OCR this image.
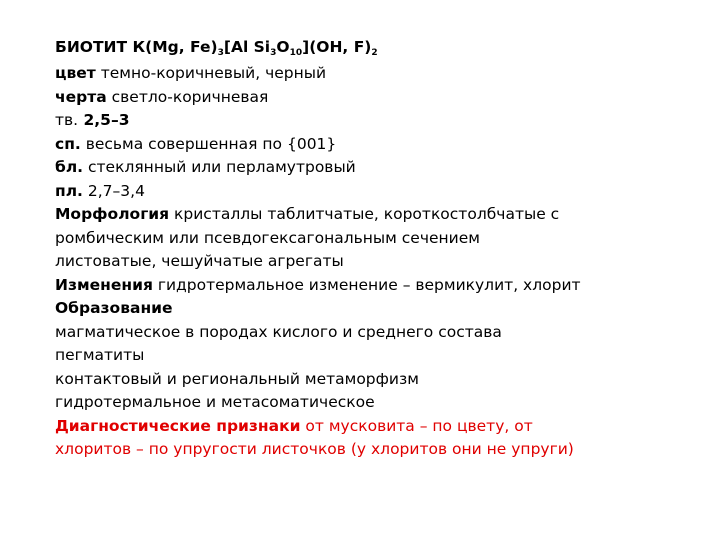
БИОТИТ К(Mg, $Fe)_3[Al$ $Si_3O_{10}](OH$, $F)_2$
цвет темно-коричневый, черный
черта светло-коричневая
тв. 2,5–3
сп. весьма совершенная по {001}
бл. стеклянный или перламутровый
пл. 2,7–3,4
Морфология кристаллы таблитчатые, короткостолбчатые с
ромбическим или псевдогексагональным сечением
листоватые, чешуйчатые агрегаты
Изменения гидротермальное изменение – вермикулит, хлорит
Образование
магматическое в породах кислого и среднего состава
пегматиты
контактовый и региональный метаморфизм
гидротермальное и метасоматическое
Диагностические признаки от мусковита – по цвету, от
хлоритов – по упругости листочков (у хлоритов они не упруги)
